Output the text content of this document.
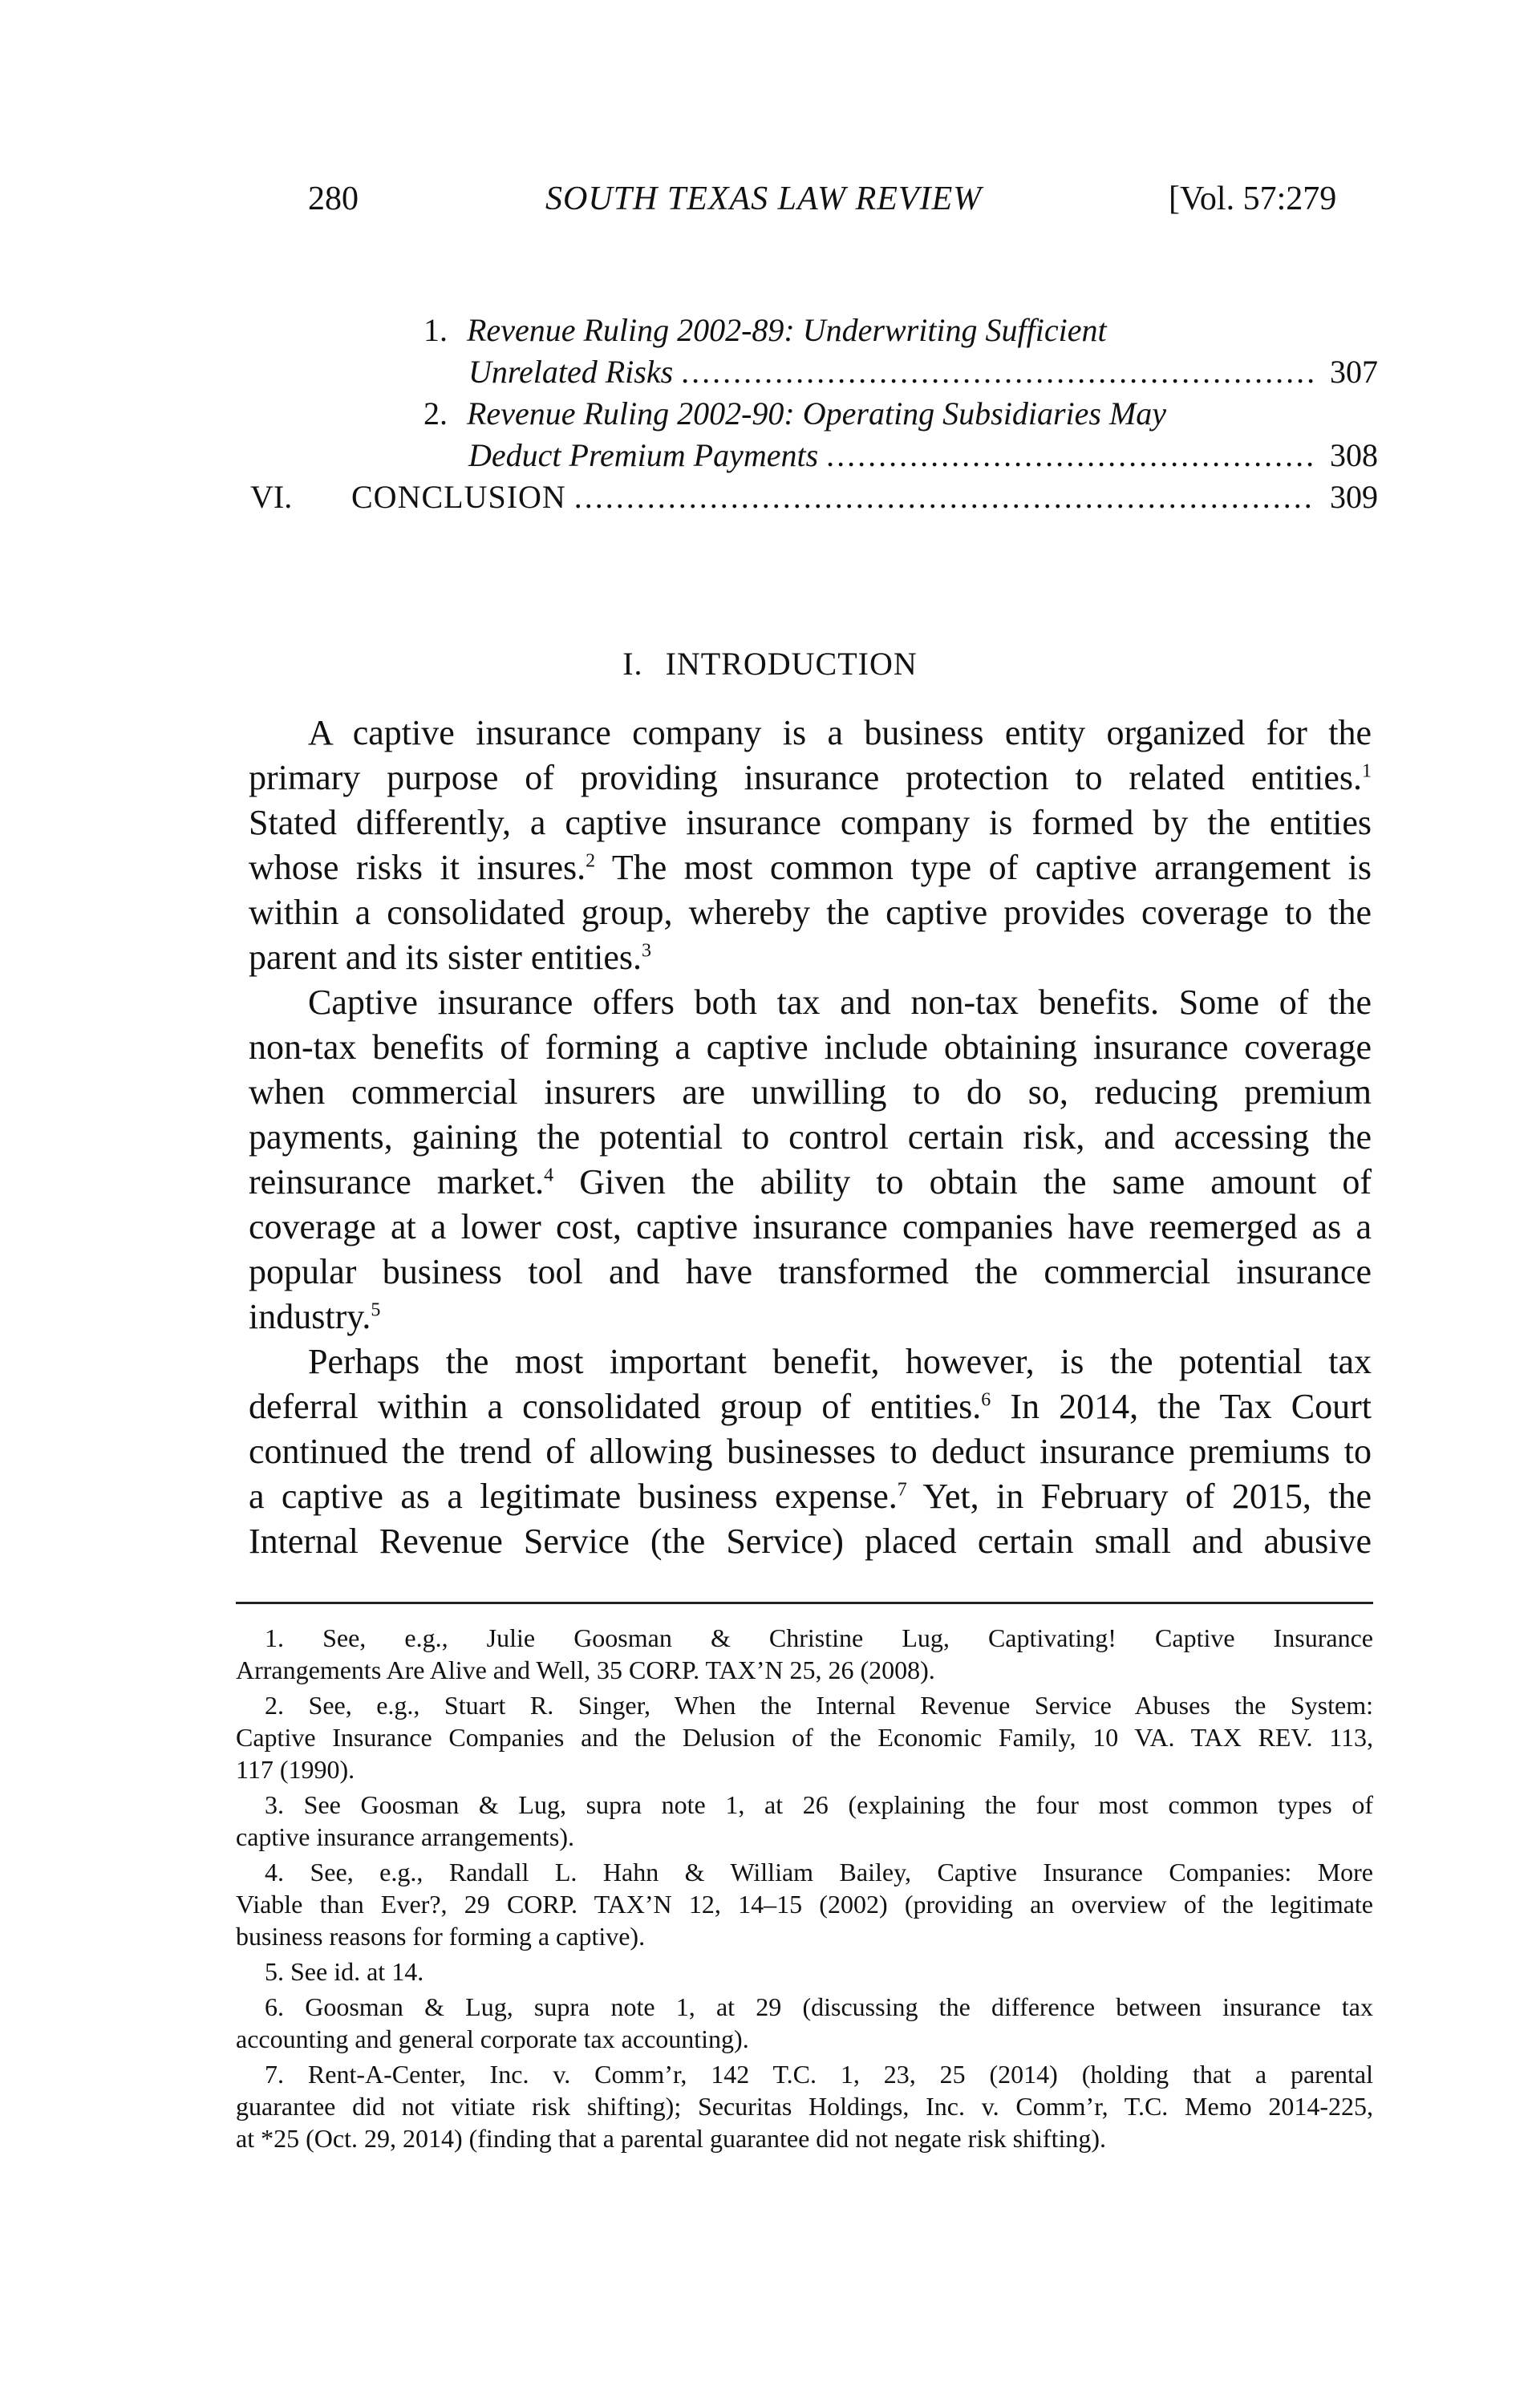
280	SOUTH TEXAS LAW REVIEW	[Vol. 57:279
1. Revenue Ruling 2002-89: Underwriting Sufficient
Unrelated Risks .....	307
2. Revenue Ruling 2002-90: Operating Subsidiaries May
Deduct Premium Payments .....	308
VI.	CONCLUSION .....	309
I. INTRODUCTION
A captive insurance company is a business entity organized for the
primary purpose of providing insurance protection to related entities.$^1$
Stated differently, a captive insurance company is formed by the entities
whose risks it insures.$^2$ The most common type of captive arrangement is
within a consolidated group, whereby the captive provides coverage to the
parent and its sister entities.$^3$
Captive insurance offers both tax and non-tax benefits. Some of the
non-tax benefits of forming a captive include obtaining insurance coverage
when commercial insurers are unwilling to do so, reducing premium
payments, gaining the potential to control certain risk, and accessing the
reinsurance market.$^4$ Given the ability to obtain the same amount of
coverage at a lower cost, captive insurance companies have reemerged as a
popular business tool and have transformed the commercial insurance
industry.$^5$
Perhaps the most important benefit, however, is the potential tax
deferral within a consolidated group of entities.$^6$ In 2014, the Tax Court
continued the trend of allowing businesses to deduct insurance premiums to
a captive as a legitimate business expense.$^7$ Yet, in February of 2015, the
Internal Revenue Service (the Service) placed certain small and abusive
1. See, e.g., Julie Goosman & Christine Lug, Captivating! Captive Insurance
Arrangements Are Alive and Well, 35 CORP. TAX’N 25, 26 (2008).
2. See, e.g., Stuart R. Singer, When the Internal Revenue Service Abuses the System:
Captive Insurance Companies and the Delusion of the Economic Family, 10 VA. TAX REV. 113,
117 (1990).
3. See Goosman & Lug, supra note 1, at 26 (explaining the four most common types of
captive insurance arrangements).
4. See, e.g., Randall L. Hahn & William Bailey, Captive Insurance Companies: More
Viable than Ever?, 29 CORP. TAX’N 12, 14–15 (2002) (providing an overview of the legitimate
business reasons for forming a captive).
5. See id. at 14.
6. Goosman & Lug, supra note 1, at 29 (discussing the difference between insurance tax
accounting and general corporate tax accounting).
7. Rent-A-Center, Inc. v. Comm’r, 142 T.C. 1, 23, 25 (2014) (holding that a parental
guarantee did not vitiate risk shifting); Securitas Holdings, Inc. v. Comm’r, T.C. Memo 2014-225,
at *25 (Oct. 29, 2014) (finding that a parental guarantee did not negate risk shifting).
